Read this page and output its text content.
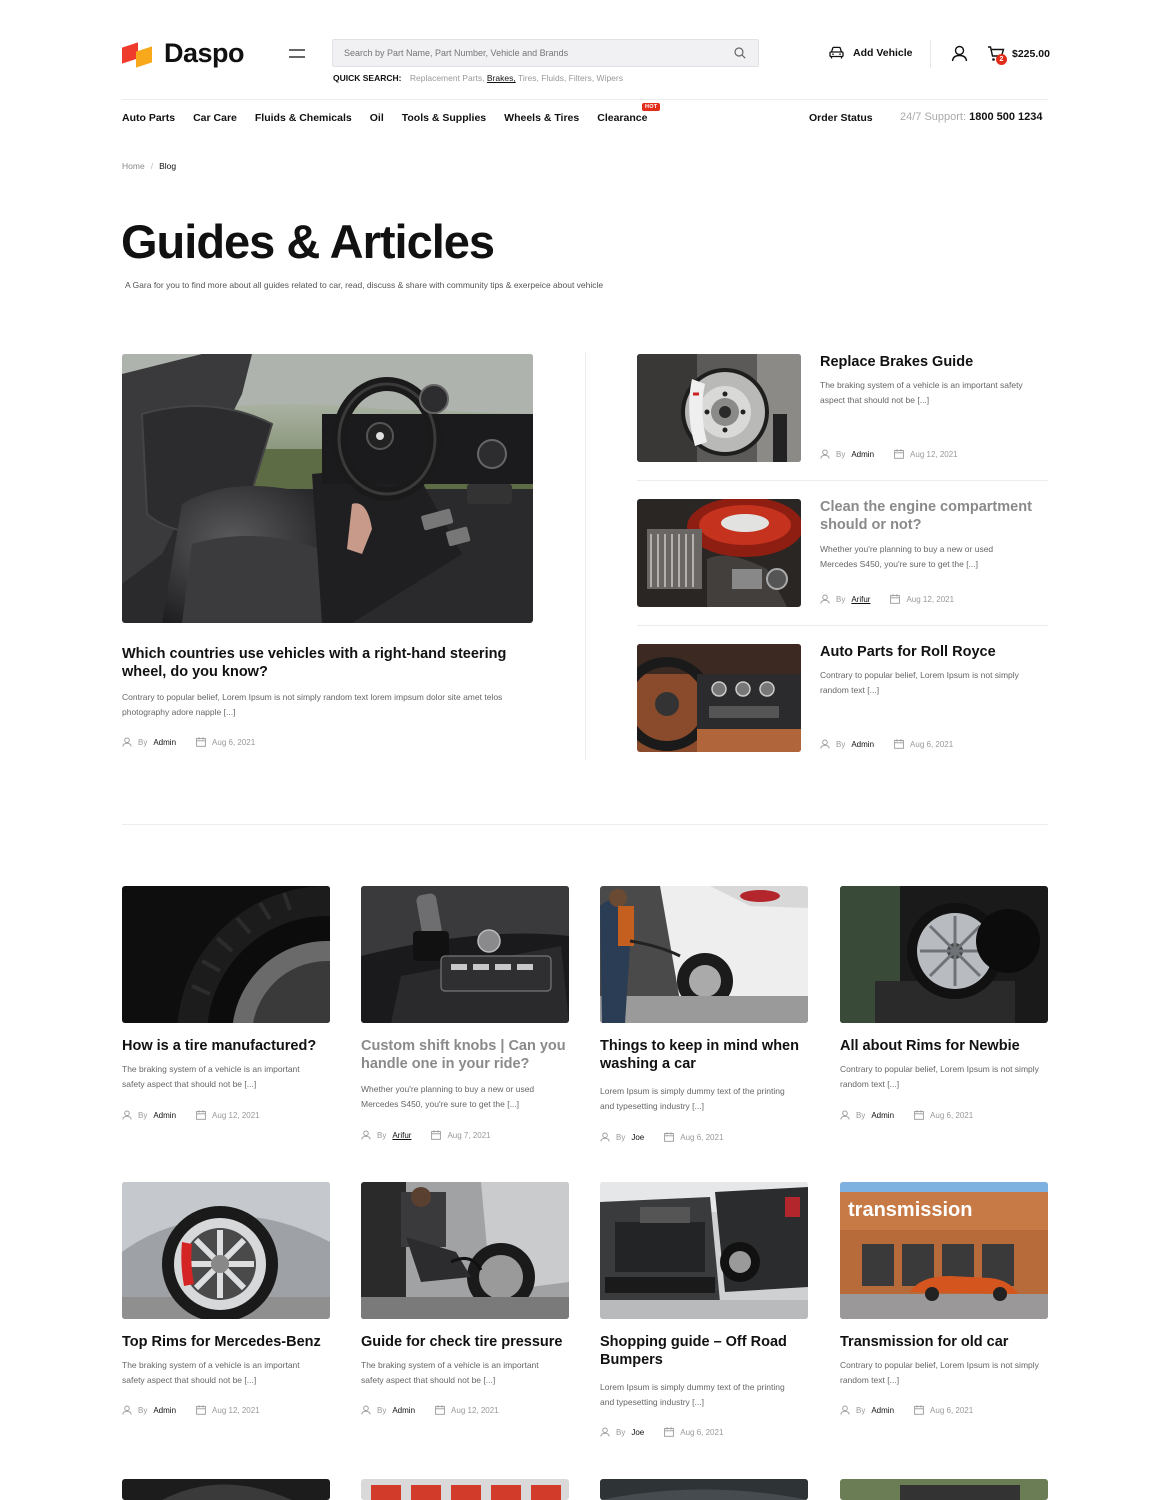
Daspo
Search by Part Name, Part Number, Vehicle and Brands
QUICK SEARCH: Replacement Parts, Brakes, Tires, Fluids, Filters, Wipers
Add Vehicle
2 $225.00
Auto Parts Car Care Fluids & Chemicals Oil Tools & Supplies Wheels & Tires Clearance
HOT
Order Status 24/7 Support: 1800 500 1234
Home / Blog
Guides & Articles

A Gara for you to find more about all guides related to car, read, discuss & share with community tips & exerpeice about vehicle

Which countries use vehicles with a right-hand steering wheel, do you know?

Contrary to popular belief, Lorem Ipsum is not simply random text lorem impsum dolor site amet telos photography adore napple [...]

By Admin	Aug 6, 2021
Replace Brakes Guide

The braking system of a vehicle is an important safety aspect that should not be [...]

By Admin	Aug 12, 2021
Clean the engine compartment should or not?

Whether you're planning to buy a new or used Mercedes S450, you're sure to get the [...]

By Arifur	Aug 12, 2021
Auto Parts for Roll Royce

Contrary to popular belief, Lorem Ipsum is not simply random text [...]

By Admin	Aug 6, 2021
How is a tire manufactured?

The braking system of a vehicle is an important safety aspect that should not be [...]

By Admin	Aug 12, 2021
Custom shift knobs | Can you handle one in your ride?

Whether you're planning to buy a new or used Mercedes S450, you're sure to get the [...]

By Arifur	Aug 7, 2021
Things to keep in mind when washing a car

Lorem Ipsum is simply dummy text of the printing and typesetting industry [...]

By Joe	Aug 6, 2021
All about Rims for Newbie

Contrary to popular belief, Lorem Ipsum is not simply random text [...]

By Admin	Aug 6, 2021
Top Rims for Mercedes-Benz

The braking system of a vehicle is an important safety aspect that should not be [...]

By Admin	Aug 12, 2021
Guide for check tire pressure

The braking system of a vehicle is an important safety aspect that should not be [...]

By Admin	Aug 12, 2021
Shopping guide – Off Road Bumpers

Lorem Ipsum is simply dummy text of the printing and typesetting industry [...]

By Joe	Aug 6, 2021
transmission
Transmission for old car

Contrary to popular belief, Lorem Ipsum is not simply random text [...]

By Admin	Aug 6, 2021
